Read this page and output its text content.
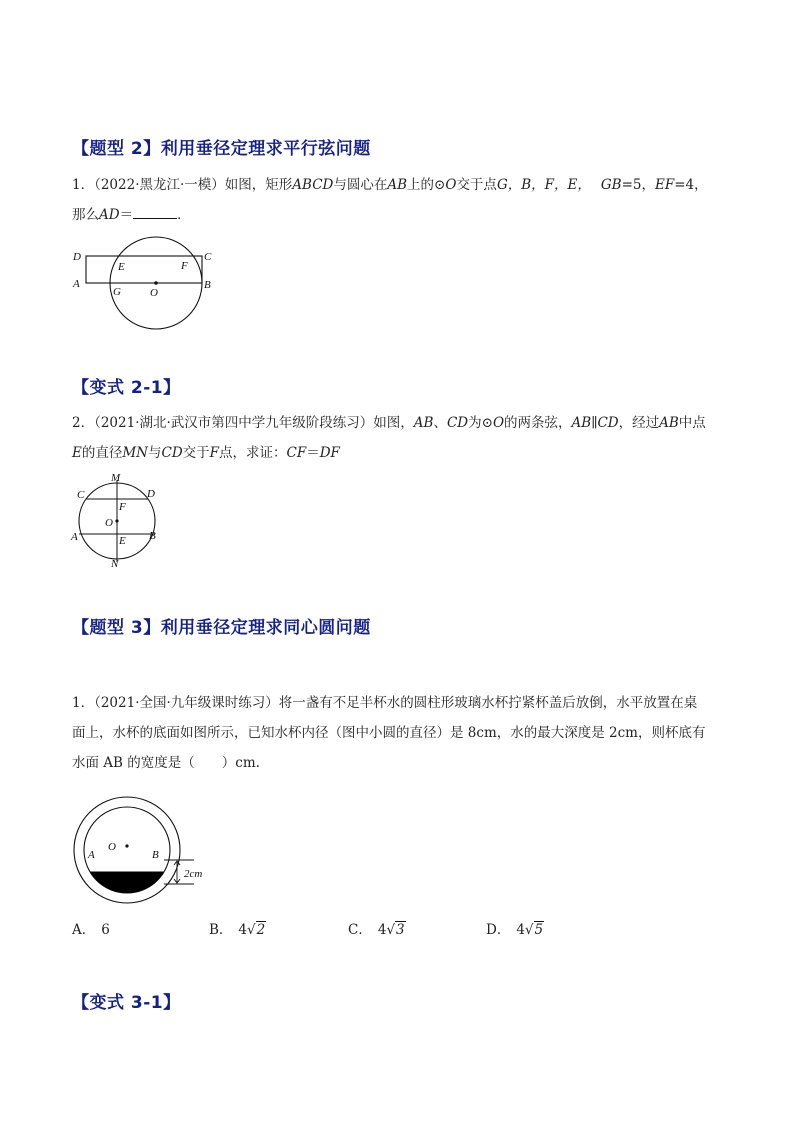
【题型 2】利用垂径定理求平行弦问题
1．（2022·黑龙江·一模）如图，矩形ABCD与圆心在AB上的⊙O交于点G，B，F，E， GB=5，EF=4，
那么AD＝	．
D
A
E	F
C
G	O
B
【变式 2-1】
2．（2021·湖北·武汉市第四中学九年级阶段练习）如图，AB、CD为⊙O的两条弦，AB∥CD，经过AB中点
E的直径MN与CD交于F点，求证：CF＝DF
M
C	D
F
O
A	B
E
N
【题型 3】利用垂径定理求同心圆问题
1．（2021·全国·九年级课时练习）将一盏有不足半杯水的圆柱形玻璃水杯拧紧杯盖后放倒，水平放置在桌
面上，水杯的底面如图所示，已知水杯内径（图中小圆的直径）是 8cm，水的最大深度是 2cm，则杯底有
水面 AB 的宽度是（　　）cm.
O
A	B
2cm
A． 6	B． 4√2	C． 4√3	D． 4√5
【变式 3-1】
